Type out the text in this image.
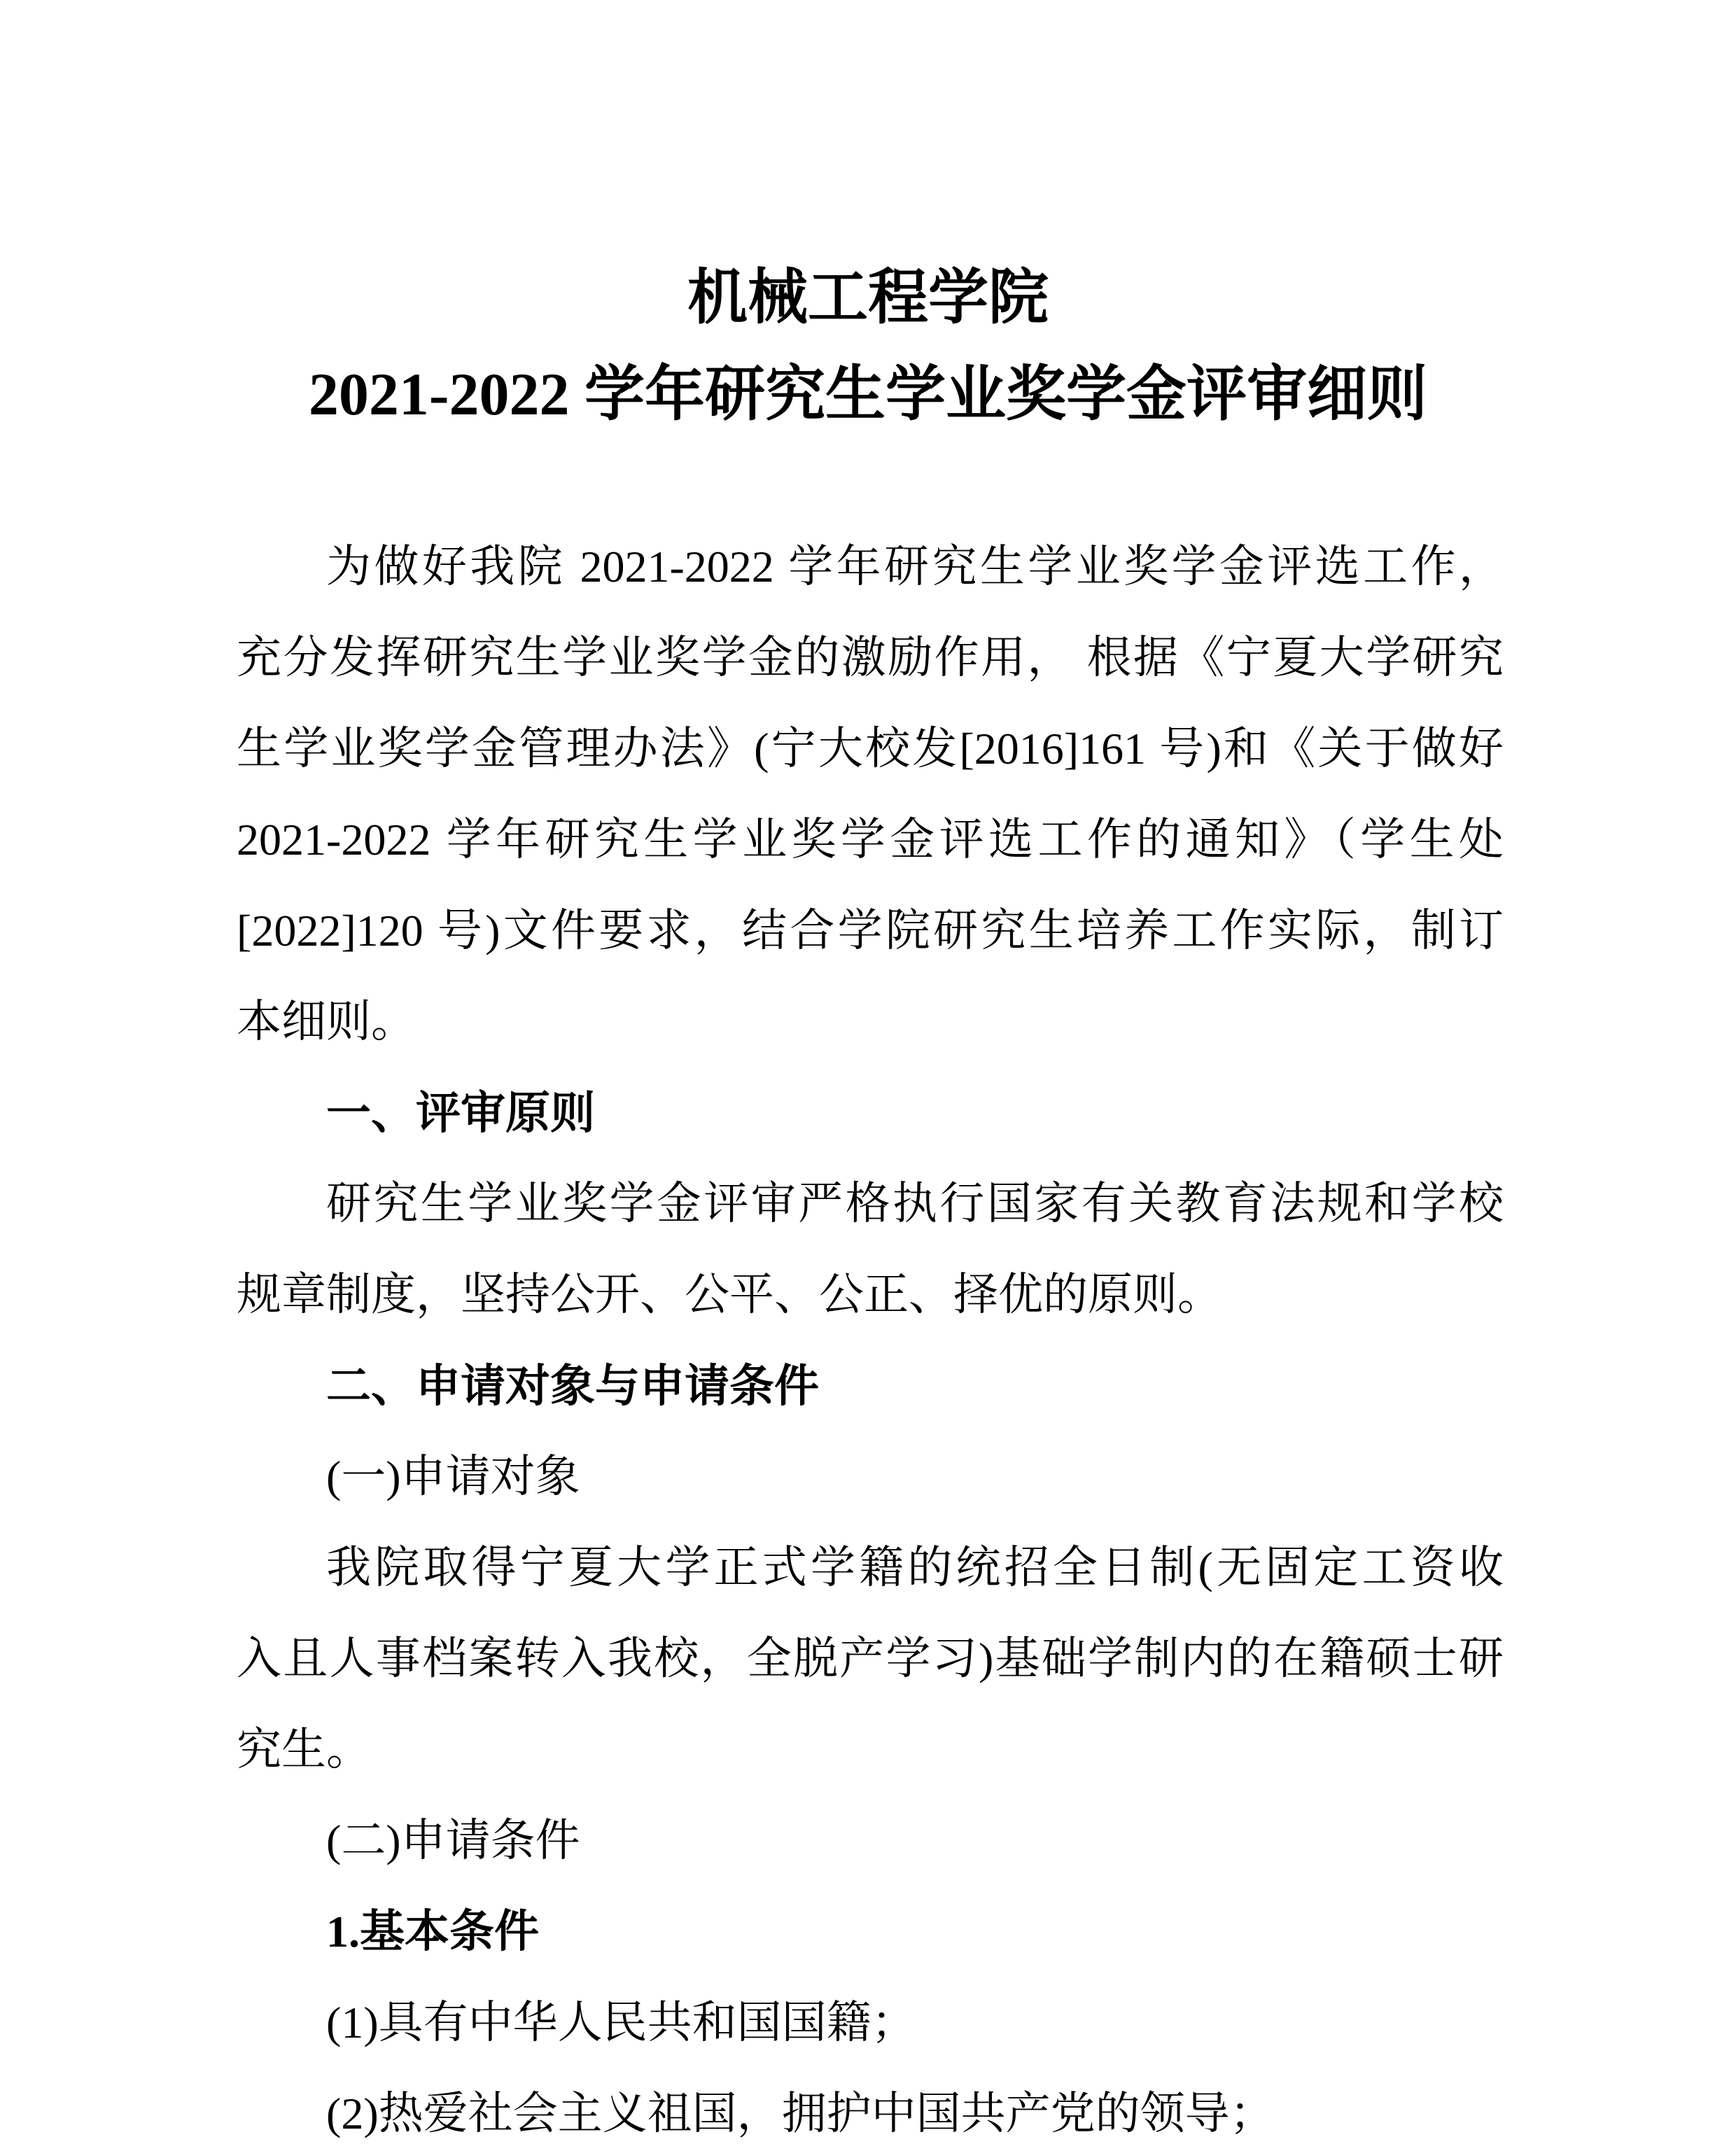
机械工程学院
2021-2022 学年研究生学业奖学金评审细则
为做好我院 2021-2022 学年研究生学业奖学金评选工作，
充分发挥研究生学业奖学金的激励作用， 根据《宁夏大学研究
生学业奖学金管理办法》(宁大校发[2016]161 号)和《关于做好
2021-2022 学年研究生学业奖学金评选工作的通知》（学生处
[2022]120 号)文件要求，结合学院研究生培养工作实际，制订
本细则。
一、评审原则
研究生学业奖学金评审严格执行国家有关教育法规和学校
规章制度，坚持公开、公平、公正、择优的原则。
二、申请对象与申请条件
(一)申请对象
我院取得宁夏大学正式学籍的统招全日制(无固定工资收
入且人事档案转入我校，全脱产学习)基础学制内的在籍硕士研
究生。
(二)申请条件
1.基本条件
(1)具有中华人民共和国国籍；
(2)热爱社会主义祖国，拥护中国共产党的领导；
